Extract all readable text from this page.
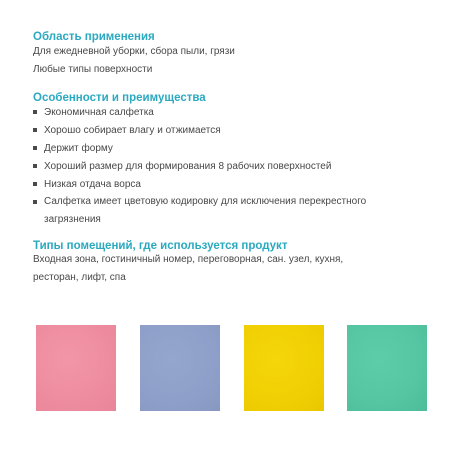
Область применения
Для ежедневной уборки, сбора пыли, грязи
Любые типы поверхности
Особенности и преимущества
Экономичная салфетка
Хорошо собирает влагу и отжимается
Держит форму
Хороший размер для формирования 8 рабочих поверхностей
Низкая отдача ворса
Салфетка имеет цветовую кодировку для исключения перекрестного загрязнения
Типы помещений, где используется продукт
Входная зона, гостиничный номер, переговорная, сан. узел, кухня,
ресторан, лифт, спа
